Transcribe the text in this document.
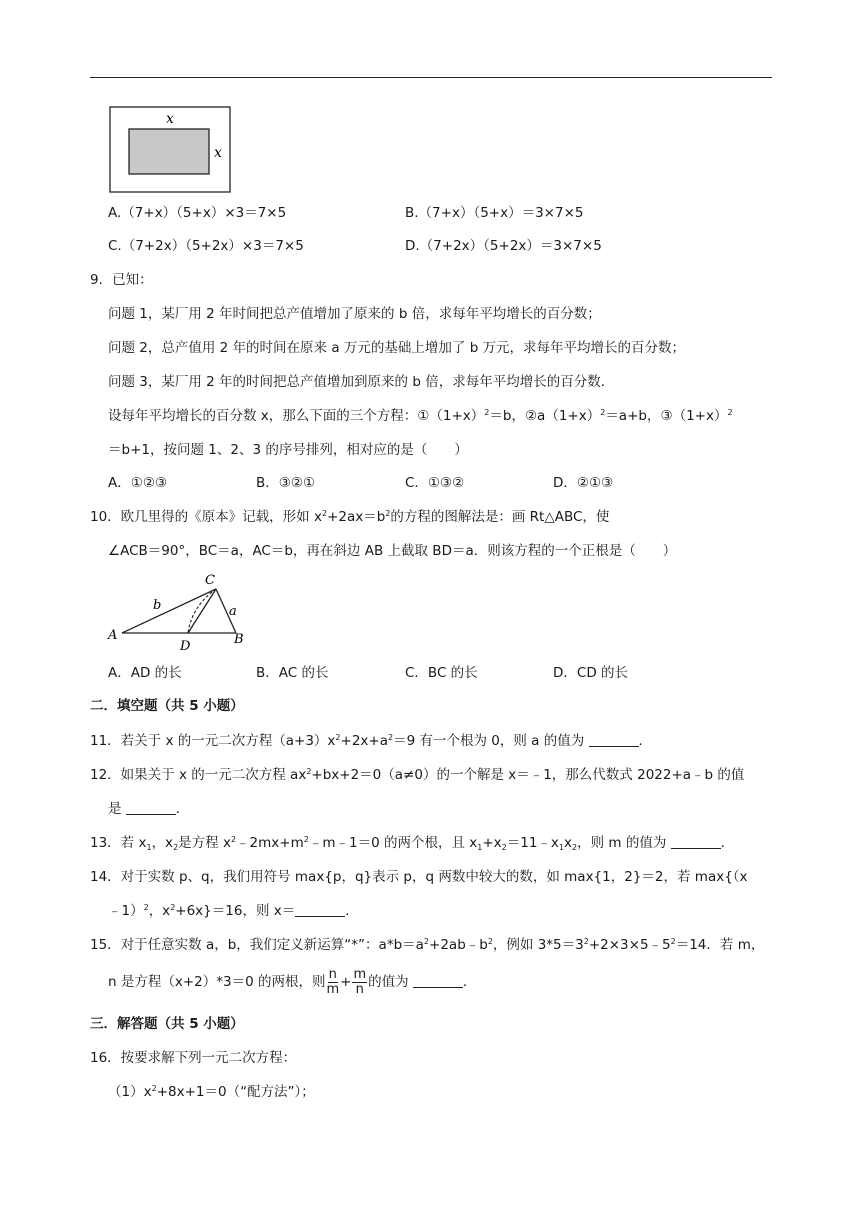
x
x
A.（7+x）（5+x）×3＝7×5	B.（7+x）（5+x）＝3×7×5
C.（7+2x）（5+2x）×3＝7×5	D.（7+2x）（5+2x）＝3×7×5
9．已知：
问题 1，某厂用 2 年时间把总产值增加了原来的 b 倍，求每年平均增长的百分数；
问题 2，总产值用 2 年的时间在原来 a 万元的基础上增加了 b 万元，求每年平均增长的百分数；
问题 3，某厂用 2 年的时间把总产值增加到原来的 b 倍，求每年平均增长的百分数．
设每年平均增长的百分数 x，那么下面的三个方程：$①(1+x)^2=b$，$②a(1+x)^2=a+b$，$③(1+x)^2$
＝b+1，按问题 1、2、3 的序号排列，相对应的是（　　）
A．①②③	B．③②①	C．①③②	D．②①③
10．欧几里得的《原本》记载，形如 $x^2+2ax=b^2$的方程的图解法是：画 Rt△ABC，使
∠ACB＝90°，BC＝a，AC＝b，再在斜边 AB 上截取 BD＝a．则该方程的一个正根是（　　）
C
A
D	B
b	a
A．AD 的长	B．AC 的长	C．BC 的长	D．CD 的长
二．填空题（共 5 小题）
11．若关于 x 的一元二次方程$(a+3)x^2+2x+a^2=9$ 有一个根为 0，则 a 的值为	．
12．如果关于 x 的一元二次方程 $ax^2+bx+2=0(a\ne 0)$的一个解是 x＝﹣1，那么代数式 2022+a﹣b 的值
是	．
13．若 $x_1$，$x_2$是方程 $x^2﹣2mx+m^2﹣m﹣1=0$ 的两个根，且 $x_1+x_2=11﹣x_1x_2$，则 m 的值为	．
14．对于实数 p、q，我们用符号 max{p，q}表示 p，q 两数中较大的数，如 max{1，2}＝2，若 max{（x
﹣1）$^2$，$x^2+6x\}=16$，则 x＝	．
15．对于任意实数 a，b，我们定义新运算“*”：$a*b=a^2+2ab﹣b^2$，例如 $3*5=3^2+2\times 3\times 5﹣5^2=14$．若 m，
n 是方程（x+2）*3＝0 的两根，则 $\frac{n}{m} + \frac{m}{n}$ 的值为	．
三．解答题（共 5 小题）
16．按要求解下列一元二次方程：
$(1)x^2+8x+1=0(“$配方法”）；
